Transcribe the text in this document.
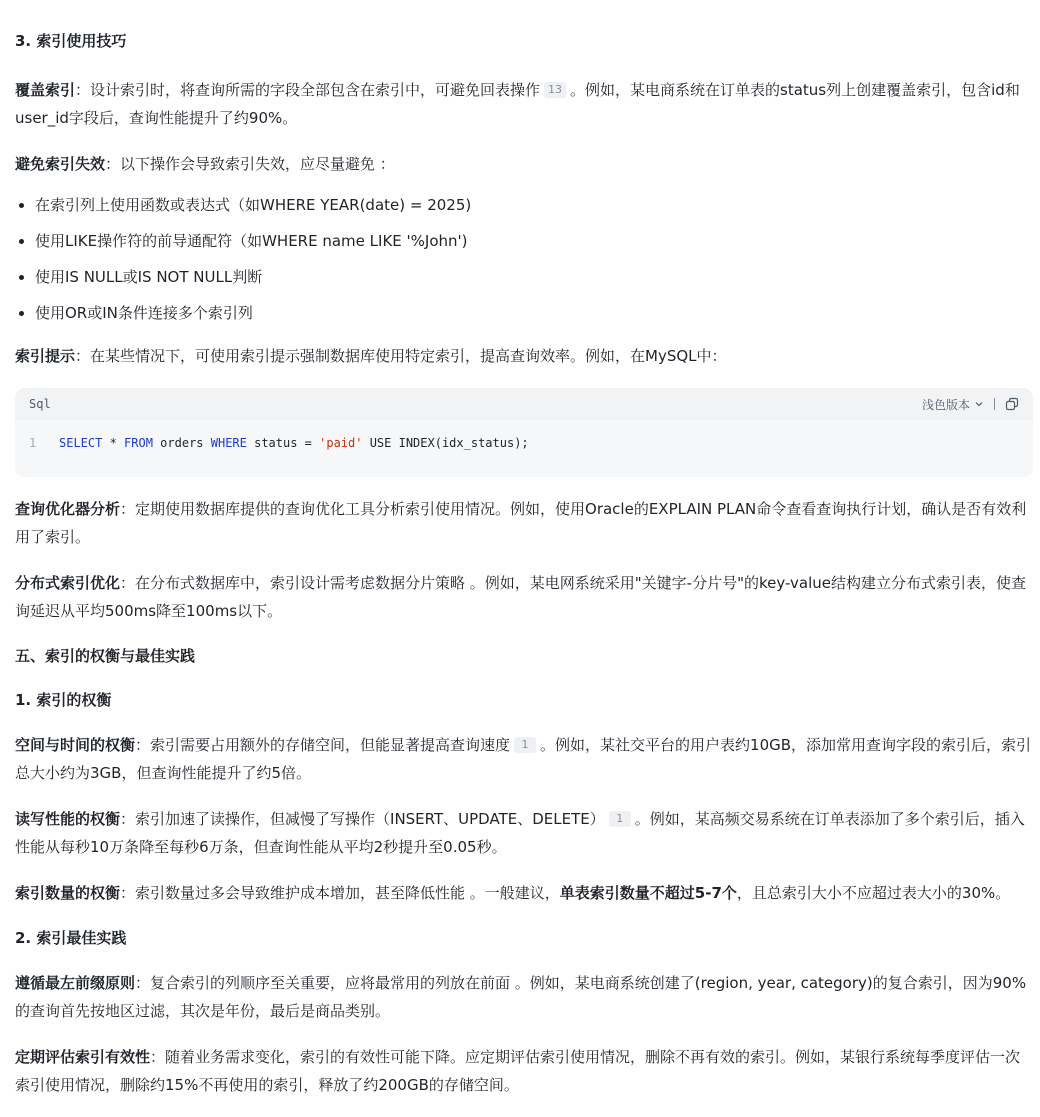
3. 索引使用技巧

覆盖索引：设计索引时，将查询所需的字段全部包含在索引中，可避免回表操作 13 。例如，某电商系统在订单表的status列上创建覆盖索引，包含id和user_id字段后，查询性能提升了约90%。

避免索引失效：以下操作会导致索引失效，应尽量避免 ：

• 在索引列上使用函数或表达式（如WHERE YEAR(date) = 2025)
• 使用LIKE操作符的前导通配符（如WHERE name LIKE '%John')
• 使用IS NULL或IS NOT NULL判断
• 使用OR或IN条件连接多个索引列

索引提示：在某些情况下，可使用索引提示强制数据库使用特定索引，提高查询效率。例如，在MySQL中：

Sql	浅色版本
1	SELECT * FROM orders WHERE status = 'paid' USE INDEX(idx_status);

查询优化器分析：定期使用数据库提供的查询优化工具分析索引使用情况。例如，使用Oracle的EXPLAIN PLAN命令查看查询执行计划，确认是否有效利用了索引。

分布式索引优化：在分布式数据库中，索引设计需考虑数据分片策略 。例如，某电网系统采用"关键字-分片号"的key-value结构建立分布式索引表，使查询延迟从平均500ms降至100ms以下。

五、索引的权衡与最佳实践
1. 索引的权衡

空间与时间的权衡：索引需要占用额外的存储空间，但能显著提高查询速度 1 。例如，某社交平台的用户表约10GB，添加常用查询字段的索引后，索引总大小约为3GB，但查询性能提升了约5倍。

读写性能的权衡：索引加速了读操作，但减慢了写操作（INSERT、UPDATE、DELETE） 1 。例如，某高频交易系统在订单表添加了多个索引后，插入性能从每秒10万条降至每秒6万条，但查询性能从平均2秒提升至0.05秒。

索引数量的权衡：索引数量过多会导致维护成本增加，甚至降低性能 。一般建议，单表索引数量不超过5-7个，且总索引大小不应超过表大小的30%。

2. 索引最佳实践

遵循最左前缀原则：复合索引的列顺序至关重要，应将最常用的列放在前面 。例如，某电商系统创建了(region, year, category)的复合索引，因为90%的查询首先按地区过滤，其次是年份，最后是商品类别。

定期评估索引有效性：随着业务需求变化，索引的有效性可能下降。应定期评估索引使用情况，删除不再有效的索引。例如，某银行系统每季度评估一次索引使用情况，删除约15%不再使用的索引，释放了约200GB的存储空间。
